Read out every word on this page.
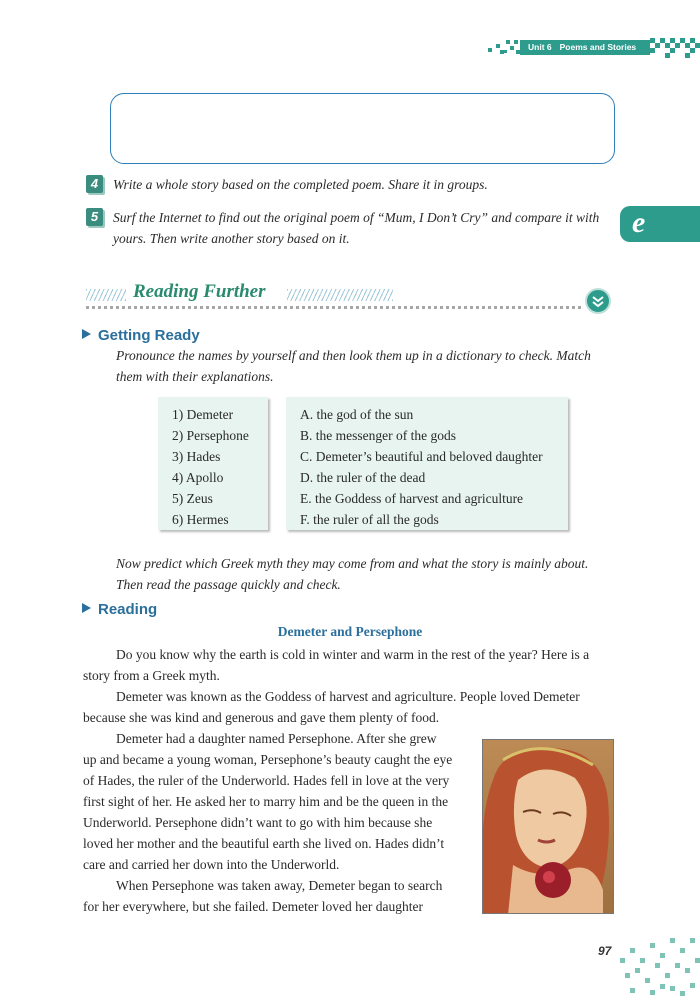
Unit 6 Poems and Stories
4	Write a whole story based on the completed poem. Share it in groups.
5	Surf the Internet to find out the original poem of “Mum, I Don’t Cry” and compare it with
yours. Then write another story based on it.	e
Reading Further
Getting Ready
Pronounce the names by yourself and then look them up in a dictionary to check. Match
them with their explanations.
1) Demeter
2) Persephone
3) Hades
4) Apollo
5) Zeus
6) Hermes
A. the god of the sun
B. the messenger of the gods
C. Demeter’s beautiful and beloved daughter
D. the ruler of the dead
E. the Goddess of harvest and agriculture
F. the ruler of all the gods
Now predict which Greek myth they may come from and what the story is mainly about.
Then read the passage quickly and check.
Reading
Demeter and Persephone
Do you know why the earth is cold in winter and warm in the rest of the year? Here is a
story from a Greek myth.
Demeter was known as the Goddess of harvest and agriculture. People loved Demeter
because she was kind and generous and gave them plenty of food.
Demeter had a daughter named Persephone. After she grew
up and became a young woman, Persephone’s beauty caught the eye
of Hades, the ruler of the Underworld. Hades fell in love at the very
first sight of her. He asked her to marry him and be the queen in the
Underworld. Persephone didn’t want to go with him because she
loved her mother and the beautiful earth she lived on. Hades didn’t
care and carried her down into the Underworld.
When Persephone was taken away, Demeter began to search
for her everywhere, but she failed. Demeter loved her daughter
97
